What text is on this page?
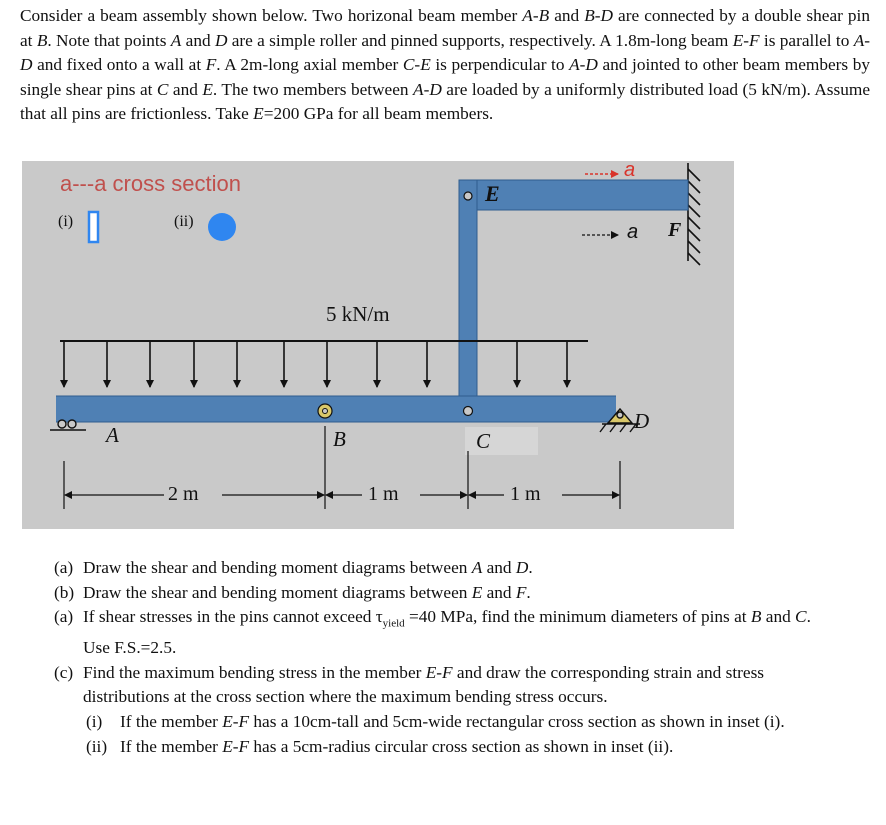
Consider a beam assembly shown below. Two horizonal beam member A-B and B-D are connected by a double shear pin at B. Note that points A and D are a simple roller and pinned supports, respectively. A 1.8m-long beam E-F is parallel to A-D and fixed onto a wall at F. A 2m-long axial member C-E is perpendicular to A-D and jointed to other beam members by single shear pins at C and E. The two members between A-D are loaded by a uniformly distributed load (5 kN/m). Assume that all pins are frictionless. Take E=200 GPa for all beam members.

a---a cross section
(i)	(ii)
E
a
a F
5 kN/m
A	B	C
D
2 m	1 m	1 m
(a) Draw the shear and bending moment diagrams between A and D.
(b) Draw the shear and bending moment diagrams between E and F.
(a) If shear stresses in the pins cannot exceed $\tau_{yield} =40$ MPa, find the minimum diameters of pins at B and C. Use F.S.=2.5.
(c) Find the maximum bending stress in the member E-F and draw the corresponding strain and stress distributions at the cross section where the maximum bending stress occurs.
(i) If the member E-F has a 10cm-tall and 5cm-wide rectangular cross section as shown in inset (i).
(ii) If the member E-F has a 5cm-radius circular cross section as shown in inset (ii).
